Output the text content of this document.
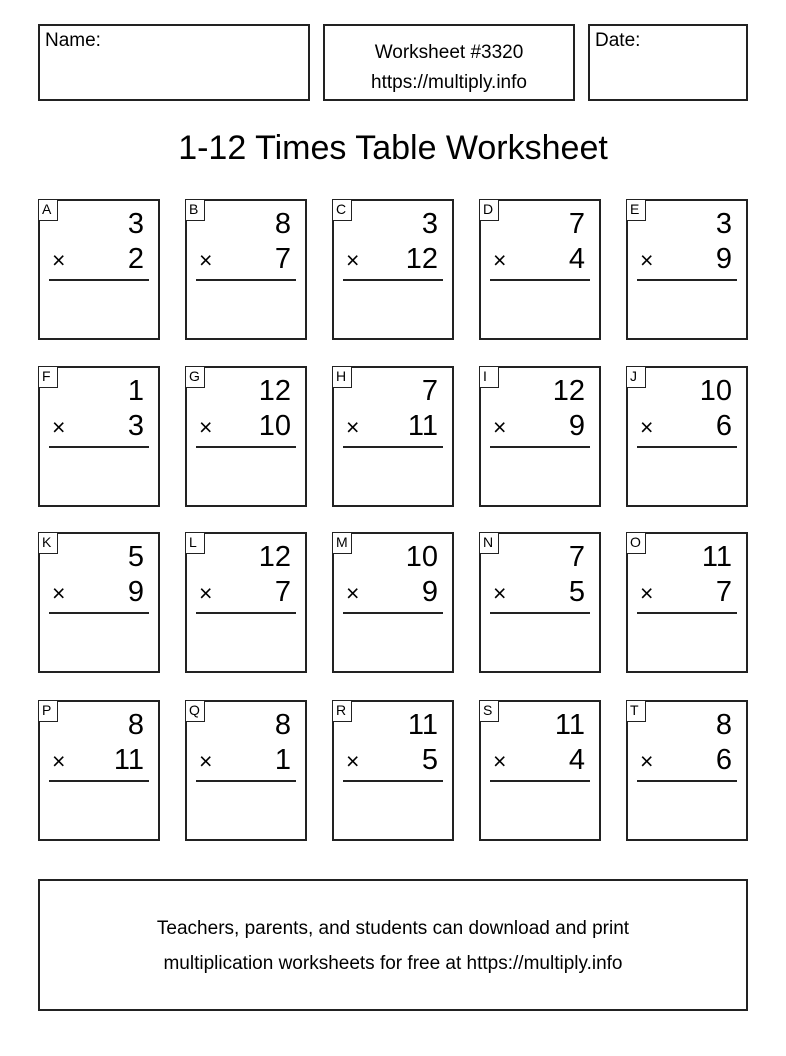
Name:
Worksheet #3320
https://multiply.info
Date:
1-12 Times Table Worksheet
A	3
× 2
B	8
× 7
C	3
× 12
D	7
× 4
E	3
× 9
F	1
× 3
G 12
× 10
H	7
× 11
I	12
× 9
J	10
× 6
K	5
× 9
L 12
× 7
M 10
× 9
N	7
× 5
O 11
× 7
P	8
× 11
Q	8
× 1
R 11
× 5
S 11
× 4
T	8
× 6
Teachers, parents, and students can download and print
multiplication worksheets for free at https://multiply.info
